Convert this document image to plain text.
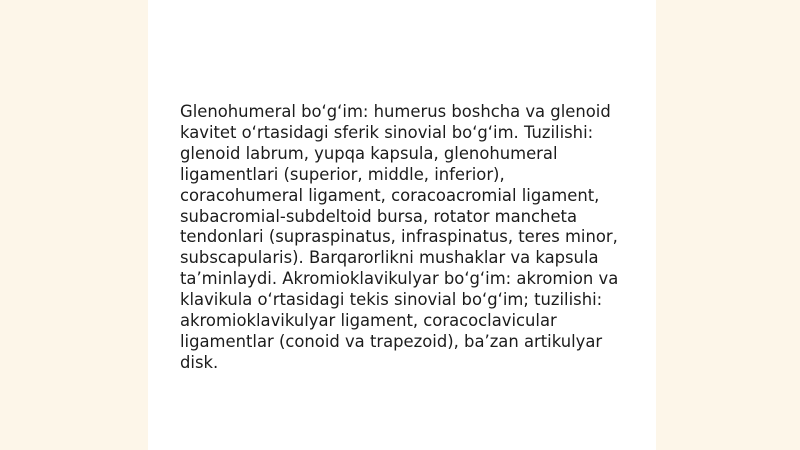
Glenohumeral bo‘g‘im: humerus boshcha va glenoid
kavitet o‘rtasidagi sferik sinovial bo‘g‘im. Tuzilishi:
glenoid labrum, yupqa kapsula, glenohumeral
ligamentlari (superior, middle, inferior),
coracohumeral ligament, coracoacromial ligament,
subacromial-subdeltoid bursa, rotator mancheta
tendonlari (supraspinatus, infraspinatus, teres minor,
subscapularis). Barqarorlikni mushaklar va kapsula
ta’minlaydi. Akromioklavikulyar bo‘g‘im: akromion va
klavikula o‘rtasidagi tekis sinovial bo‘g‘im; tuzilishi:
akromioklavikulyar ligament, coracoclavicular
ligamentlar (conoid va trapezoid), ba’zan artikulyar
disk.
